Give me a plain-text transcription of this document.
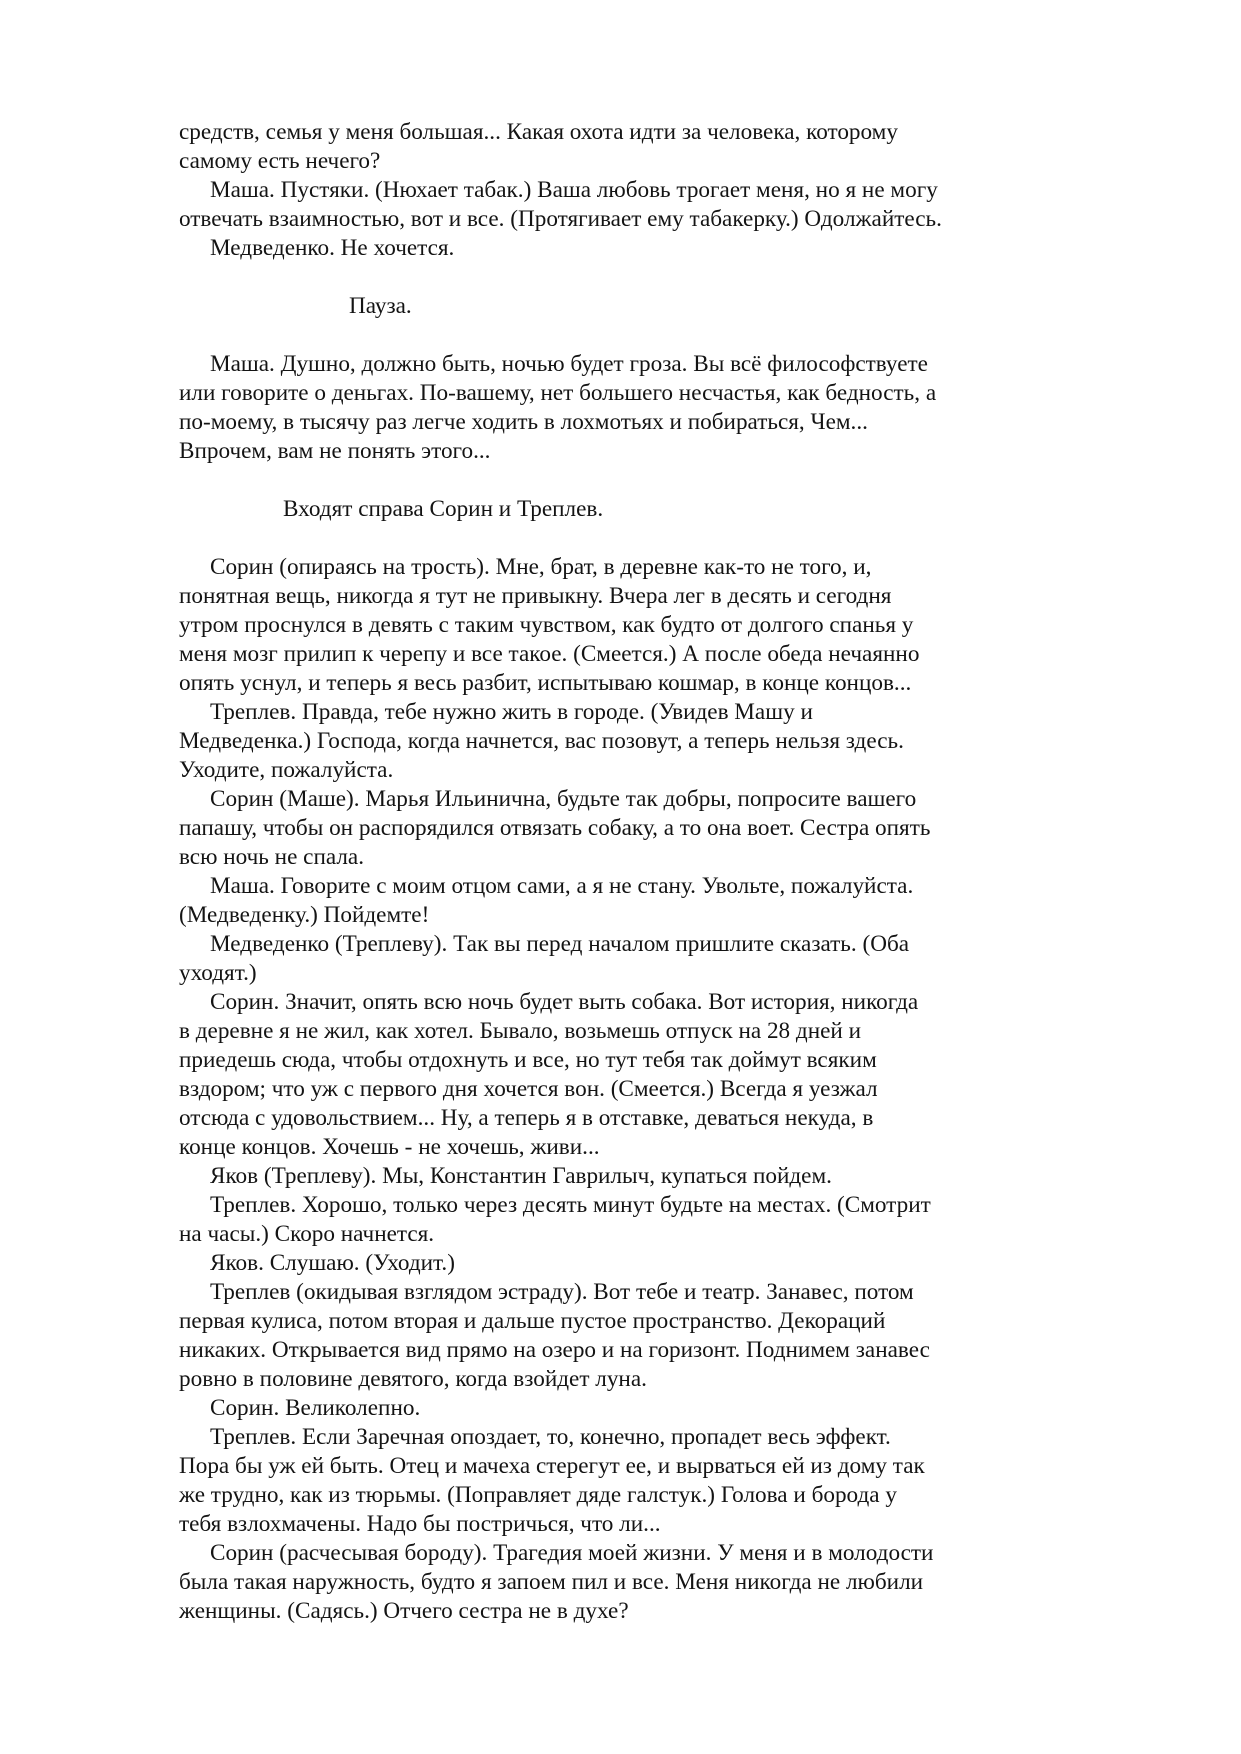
средств, семья у меня большая... Какая охота идти за человека, которому
самому есть нечего?

Маша. Пустяки. (Нюхает табак.) Ваша любовь трогает меня, но я не могу
отвечать взаимностью, вот и все. (Протягивает ему табакерку.) Одолжайтесь.

Медведенко. Не хочется.

Пауза.

Маша. Душно, должно быть, ночью будет гроза. Вы всё философствуете
или говорите о деньгах. По-вашему, нет большего несчастья, как бедность, а
по-моему, в тысячу раз легче ходить в лохмотьях и побираться, Чем...
Впрочем, вам не понять этого...

Входят справа Сорин и Треплев.

Сорин (опираясь на трость). Мне, брат, в деревне как-то не того, и,
понятная вещь, никогда я тут не привыкну. Вчера лег в десять и сегодня
утром проснулся в девять с таким чувством, как будто от долгого спанья у
меня мозг прилип к черепу и все такое. (Смеется.) А после обеда нечаянно
опять уснул, и теперь я весь разбит, испытываю кошмар, в конце концов...

Треплев. Правда, тебе нужно жить в городе. (Увидев Машу и
Медведенка.) Господа, когда начнется, вас позовут, а теперь нельзя здесь.
Уходите, пожалуйста.

Сорин (Маше). Марья Ильинична, будьте так добры, попросите вашего
папашу, чтобы он распорядился отвязать собаку, а то она воет. Сестра опять
всю ночь не спала.

Маша. Говорите с моим отцом сами, а я не стану. Увольте, пожалуйста.
(Медведенку.) Пойдемте!

Медведенко (Треплеву). Так вы перед началом пришлите сказать. (Оба
уходят.)

Сорин. Значит, опять всю ночь будет выть собака. Вот история, никогда
в деревне я не жил, как хотел. Бывало, возьмешь отпуск на 28 дней и
приедешь сюда, чтобы отдохнуть и все, но тут тебя так доймут всяким
вздором; что уж с первого дня хочется вон. (Смеется.) Всегда я уезжал
отсюда с удовольствием... Ну, а теперь я в отставке, деваться некуда, в
конце концов. Хочешь - не хочешь, живи...

Яков (Треплеву). Мы, Константин Гаврилыч, купаться пойдем.

Треплев. Хорошо, только через десять минут будьте на местах. (Смотрит
на часы.) Скоро начнется.

Яков. Слушаю. (Уходит.)

Треплев (окидывая взглядом эстраду). Вот тебе и театр. Занавес, потом
первая кулиса, потом вторая и дальше пустое пространство. Декораций
никаких. Открывается вид прямо на озеро и на горизонт. Поднимем занавес
ровно в половине девятого, когда взойдет луна.

Сорин. Великолепно.

Треплев. Если Заречная опоздает, то, конечно, пропадет весь эффект.
Пора бы уж ей быть. Отец и мачеха стерегут ее, и вырваться ей из дому так
же трудно, как из тюрьмы. (Поправляет дяде галстук.) Голова и борода у
тебя взлохмачены. Надо бы постричься, что ли...

Сорин (расчесывая бороду). Трагедия моей жизни. У меня и в молодости
была такая наружность, будто я запоем пил и все. Меня никогда не любили
женщины. (Садясь.) Отчего сестра не в духе?
